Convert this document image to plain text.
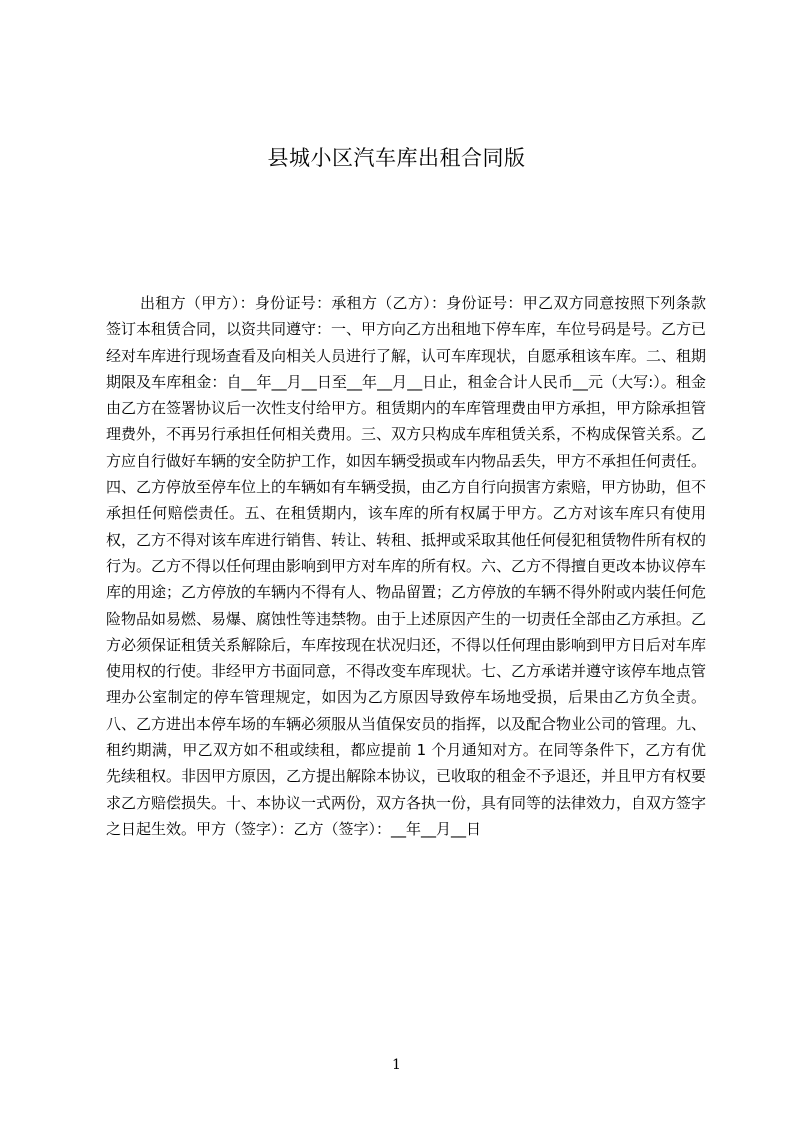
县城小区汽车库出租合同版

出租方（甲方）：身份证号：承租方（乙方）：身份证号：甲乙双方同意按照下列条款签订本租赁合同，以资共同遵守：一、甲方向乙方出租地下停车库，车位号码是号。乙方已经对车库进行现场查看及向相关人员进行了解，认可车库现状，自愿承租该车库。二、租期期限及车库租金：自__年__月__日至__年__月__日止，租金合计人民币__元（大写:）。租金由乙方在签署协议后一次性支付给甲方。租赁期内的车库管理费由甲方承担，甲方除承担管理费外，不再另行承担任何相关费用。三、双方只构成车库租赁关系，不构成保管关系。乙方应自行做好车辆的安全防护工作，如因车辆受损或车内物品丢失，甲方不承担任何责任。四、乙方停放至停车位上的车辆如有车辆受损，由乙方自行向损害方索赔，甲方协助，但不承担任何赔偿责任。五、在租赁期内，该车库的所有权属于甲方。乙方对该车库只有使用权，乙方不得对该车库进行销售、转让、转租、抵押或采取其他任何侵犯租赁物件所有权的行为。乙方不得以任何理由影响到甲方对车库的所有权。六、乙方不得擅自更改本协议停车库的用途；乙方停放的车辆内不得有人、物品留置；乙方停放的车辆不得外附或内装任何危险物品如易燃、易爆、腐蚀性等违禁物。由于上述原因产生的一切责任全部由乙方承担。乙方必须保证租赁关系解除后，车库按现在状况归还，不得以任何理由影响到甲方日后对车库使用权的行使。非经甲方书面同意，不得改变车库现状。七、乙方承诺并遵守该停车地点管理办公室制定的停车管理规定，如因为乙方原因导致停车场地受损，后果由乙方负全责。八、乙方进出本停车场的车辆必须服从当值保安员的指挥，以及配合物业公司的管理。九、租约期满，甲乙双方如不租或续租，都应提前 1 个月通知对方。在同等条件下，乙方有优先续租权。非因甲方原因，乙方提出解除本协议，已收取的租金不予退还，并且甲方有权要求乙方赔偿损失。十、本协议一式两份，双方各执一份，具有同等的法律效力，自双方签字之日起生效。甲方（签字）：乙方（签字）：__年__月__日

1
